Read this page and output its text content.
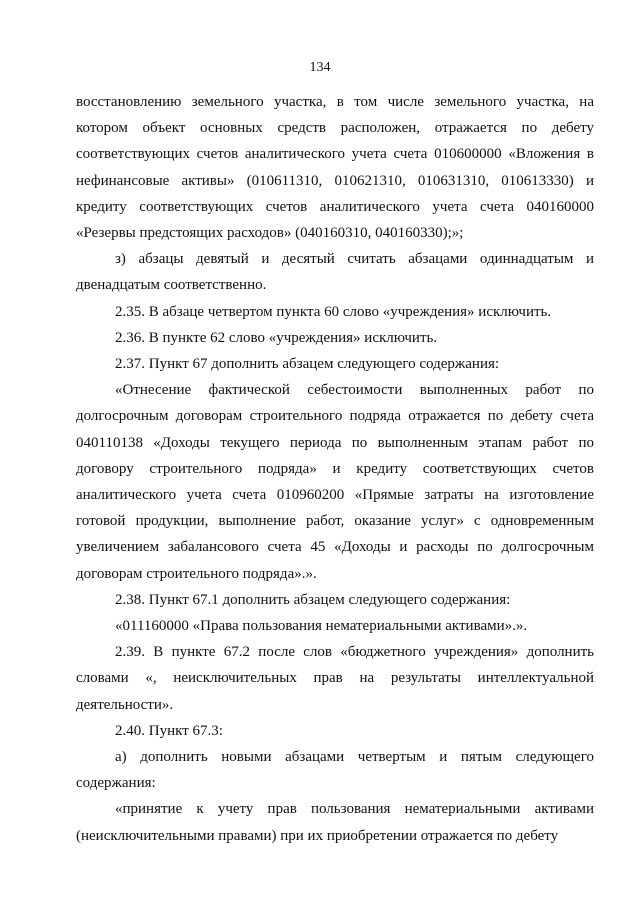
134

восстановлению земельного участка, в том числе земельного участка, на котором объект основных средств расположен, отражается по дебету соответствующих счетов аналитического учета счета 010600000 «Вложения в нефинансовые активы» (010611310, 010621310, 010631310, 010613330) и кредиту соответствующих счетов аналитического учета счета 040160000 «Резервы предстоящих расходов» (040160310, 040160330);»;

з) абзацы девятый и десятый считать абзацами одиннадцатым и двенадцатым соответственно.

2.35. В абзаце четвертом пункта 60 слово «учреждения» исключить.

2.36. В пункте 62 слово «учреждения» исключить.

2.37. Пункт 67 дополнить абзацем следующего содержания:

«Отнесение фактической себестоимости выполненных работ по долгосрочным договорам строительного подряда отражается по дебету счета 040110138 «Доходы текущего периода по выполненным этапам работ по договору строительного подряда» и кредиту соответствующих счетов аналитического учета счета 010960200 «Прямые затраты на изготовление готовой продукции, выполнение работ, оказание услуг» с одновременным увеличением забалансового счета 45 «Доходы и расходы по долгосрочным договорам строительного подряда».».

2.38. Пункт 67.1 дополнить абзацем следующего содержания:

«011160000 «Права пользования нематериальными активами».».

2.39. В пункте 67.2 после слов «бюджетного учреждения» дополнить словами «, неисключительных прав на результаты интеллектуальной деятельности».

2.40. Пункт 67.3:

а) дополнить новыми абзацами четвертым и пятым следующего содержания:

«принятие к учету прав пользования нематериальными активами (неисключительными правами) при их приобретении отражается по дебету
